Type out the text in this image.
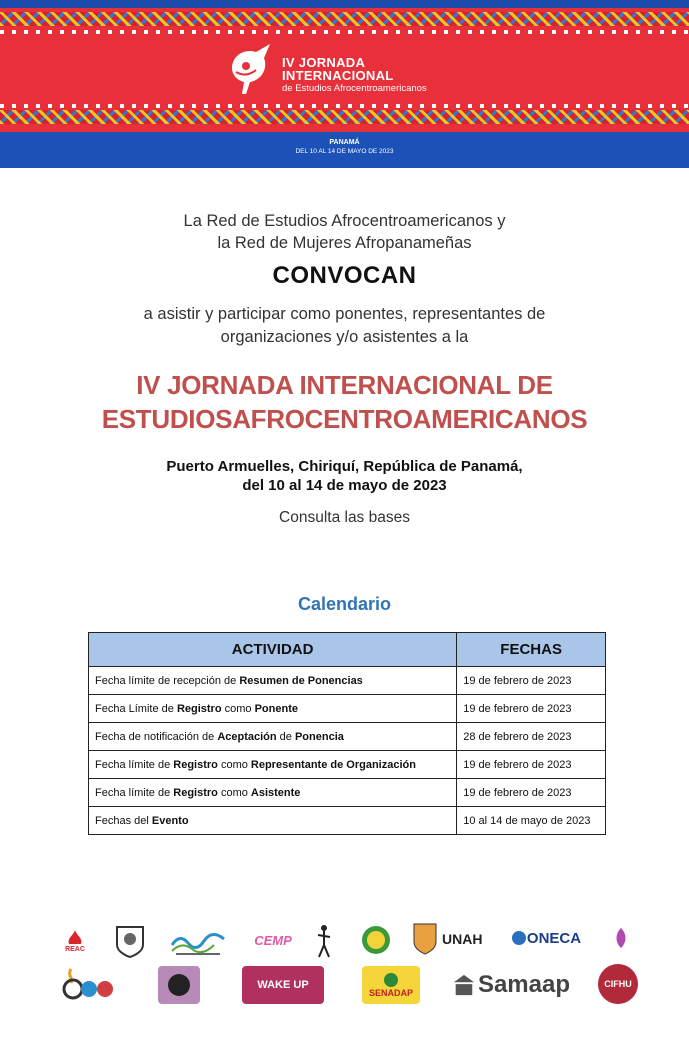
IV JORNADA
INTERNACIONAL
de Estudios Afrocentroamericanos
PANAMÁ
DEL 10 AL 14 DE MAYO DE 2023
La Red de Estudios Afrocentroamericanos y
la Red de Mujeres Afropanameñas
CONVOCAN
a asistir y participar como ponentes, representantes de
organizaciones y/o asistentes a la
IV JORNADA INTERNACIONAL DE
ESTUDIOSAFROCENTROAMERICANOS
Puerto Armuelles, Chiriquí, República de Panamá,
del 10 al 14 de mayo de 2023
Consulta las bases
Calendario
ACTIVIDAD	FECHAS
Fecha límite de recepción de Resumen de Ponencias	19 de febrero de 2023
Fecha Límite de Registro como Ponente	19 de febrero de 2023
Fecha de notificación de Aceptación de Ponencia	28 de febrero de 2023
Fecha límite de Registro como Representante de Organización	19 de febrero de 2023
Fecha límite de Registro como Asistente	19 de febrero de 2023
Fechas del Evento	10 al 14 de mayo de 2023
REAC
CEMP	UNAH	ONECA
WAKE UP
SENADAP	Samaap	CIFHU
